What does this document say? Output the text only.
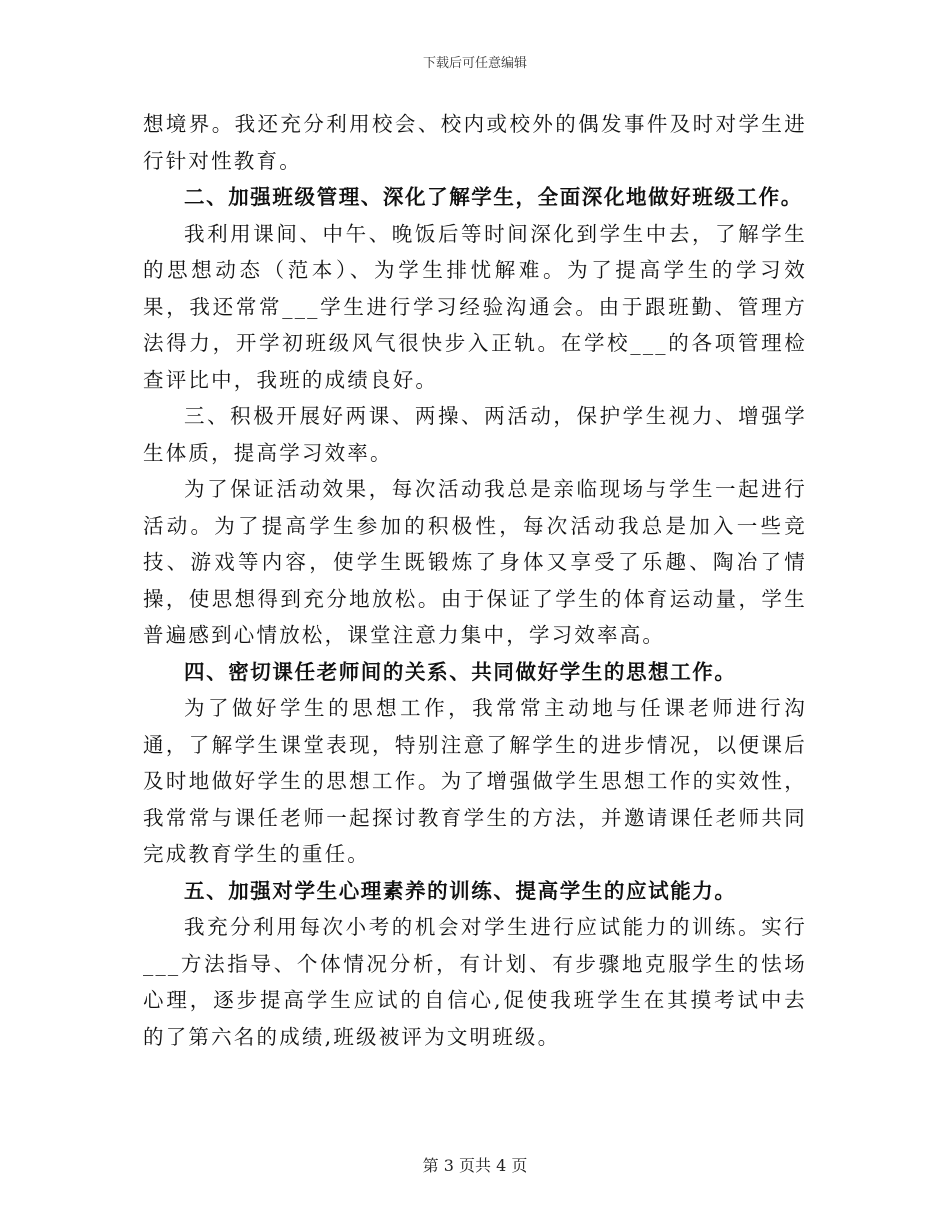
下载后可任意编辑

想境界。我还充分利用校会、校内或校外的偶发事件及时对学生进行针对性教育。

二、加强班级管理、深化了解学生，全面深化地做好班级工作。

我利用课间、中午、晚饭后等时间深化到学生中去，了解学生的思想动态（范本）、为学生排忧解难。为了提高学生的学习效果，我还常常___学生进行学习经验沟通会。由于跟班勤、管理方法得力，开学初班级风气很快步入正轨。在学校___的各项管理检查评比中，我班的成绩良好。

三、积极开展好两课、两操、两活动，保护学生视力、增强学生体质，提高学习效率。

为了保证活动效果，每次活动我总是亲临现场与学生一起进行活动。为了提高学生参加的积极性，每次活动我总是加入一些竞技、游戏等内容，使学生既锻炼了身体又享受了乐趣、陶冶了情操，使思想得到充分地放松。由于保证了学生的体育运动量，学生普遍感到心情放松，课堂注意力集中，学习效率高。

四、密切课任老师间的关系、共同做好学生的思想工作。

为了做好学生的思想工作，我常常主动地与任课老师进行沟通，了解学生课堂表现，特别注意了解学生的进步情况，以便课后及时地做好学生的思想工作。为了增强做学生思想工作的实效性，我常常与课任老师一起探讨教育学生的方法，并邀请课任老师共同完成教育学生的重任。

五、加强对学生心理素养的训练、提高学生的应试能力。

我充分利用每次小考的机会对学生进行应试能力的训练。实行___方法指导、个体情况分析，有计划、有步骤地克服学生的怯场心理，逐步提高学生应试的自信心,促使我班学生在其摸考试中去的了第六名的成绩,班级被评为文明班级。

第 3 页共 4 页
